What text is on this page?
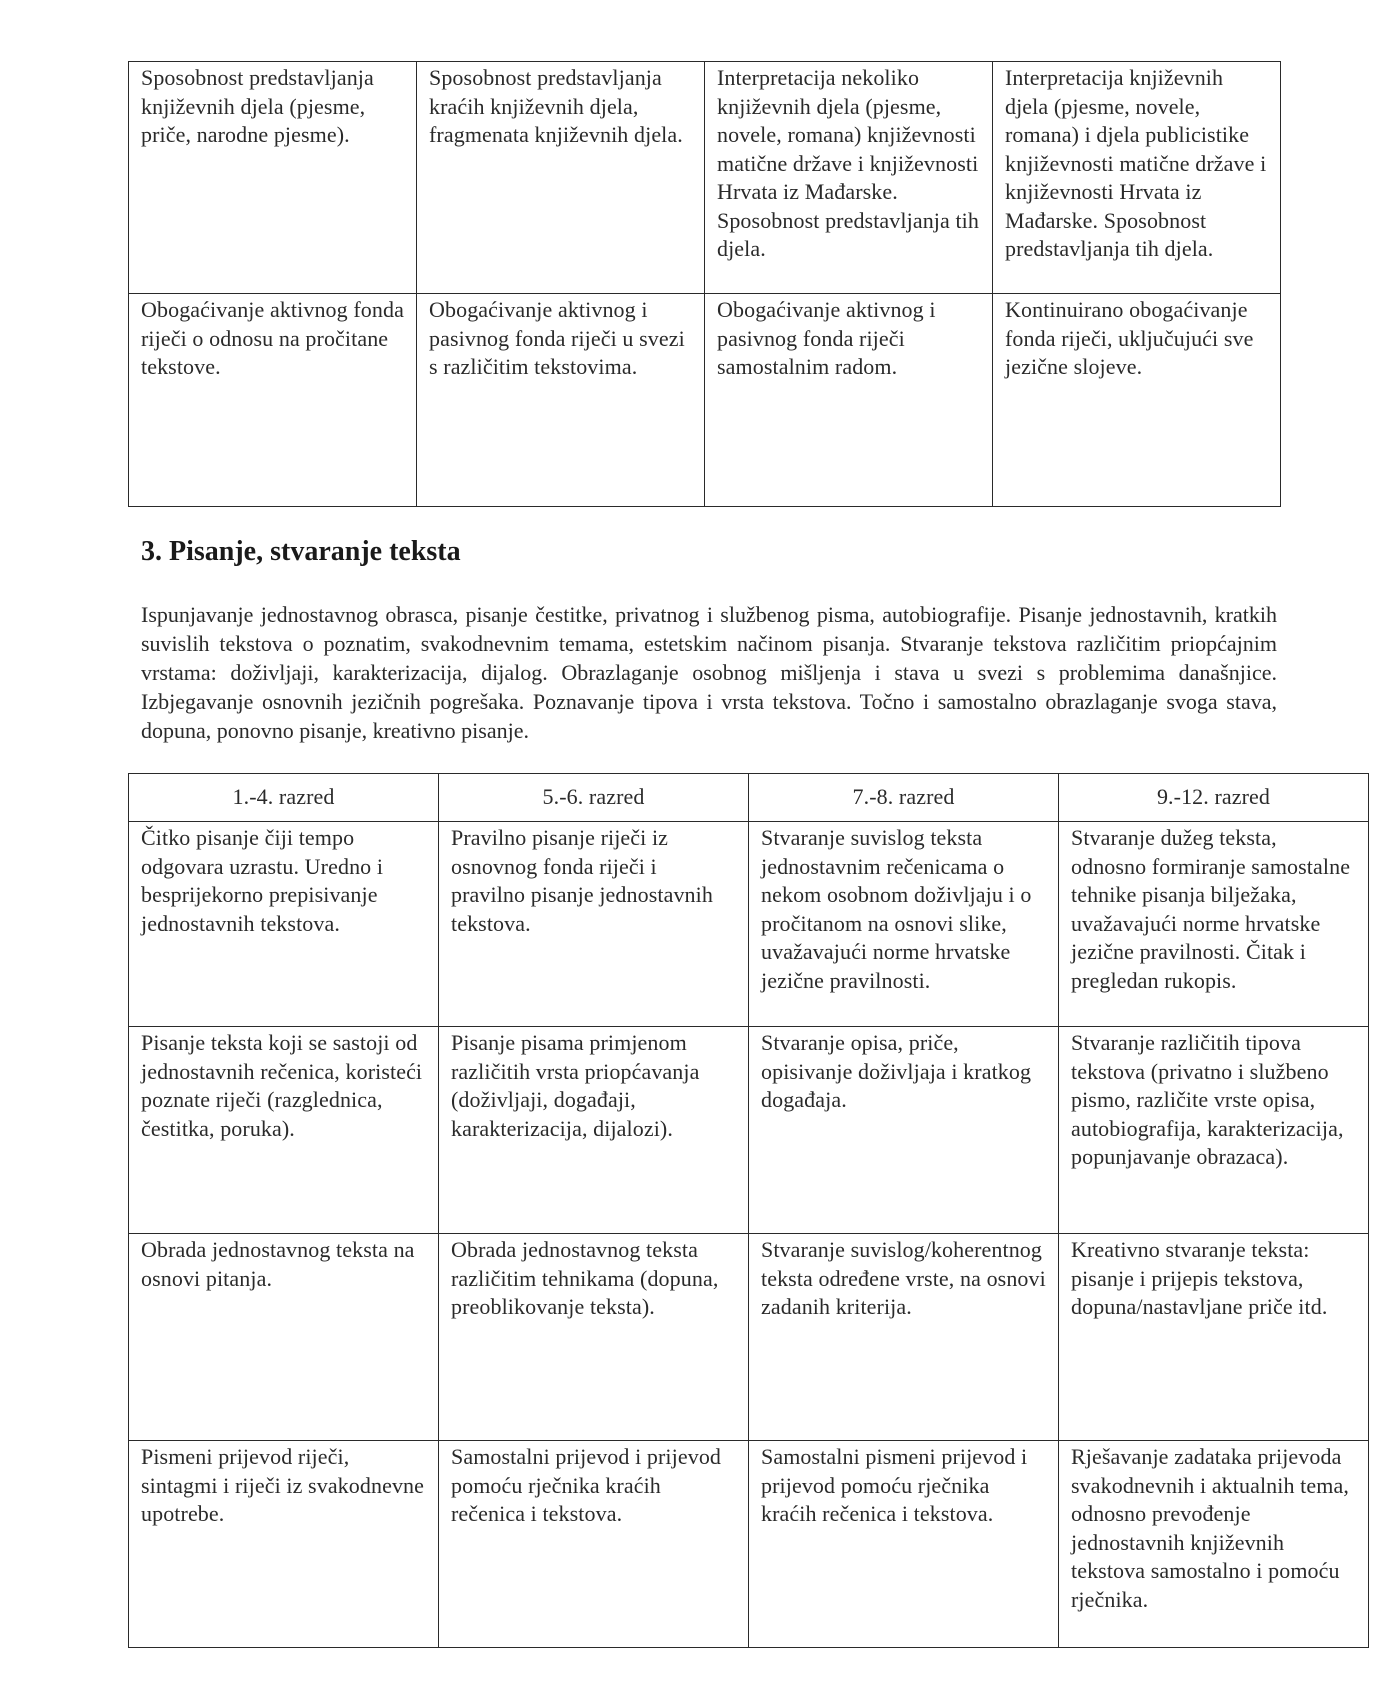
Sposobnost predstavljanja književnih djela (pjesme, priče, narodne pjesme).	Sposobnost predstavljanja kraćih književnih djela, fragmenata književnih djela.	Interpretacija nekoliko književnih djela (pjesme, novele, romana) književnosti matične države i književnosti Hrvata iz Mađarske. Sposobnost predstavljanja tih djela.	Interpretacija književnih djela (pjesme, novele, romana) i djela publicistike književnosti matične države i književnosti Hrvata iz Mađarske. Sposobnost predstavljanja tih djela.
Obogaćivanje aktivnog fonda riječi o odnosu na pročitane tekstove.	Obogaćivanje aktivnog i pasivnog fonda riječi u svezi s različitim tekstovima.	Obogaćivanje aktivnog i pasivnog fonda riječi samostalnim radom.	Kontinuirano obogaćivanje fonda riječi, uključujući sve jezične slojeve.
3. Pisanje, stvaranje teksta

Ispunjavanje jednostavnog obrasca, pisanje čestitke, privatnog i službenog pisma, autobiografije. Pisanje jednostavnih, kratkih suvislih tekstova o poznatim, svakodnevnim temama, estetskim načinom pisanja. Stvaranje tekstova različitim priopćajnim vrstama: doživljaji, karakterizacija, dijalog. Obrazlaganje osobnog mišljenja i stava u svezi s problemima današnjice. Izbjegavanje osnovnih jezičnih pogrešaka. Poznavanje tipova i vrsta tekstova. Točno i samostalno obrazlaganje svoga stava, dopuna, ponovno pisanje, kreativno pisanje.

1.-4. razred	5.-6. razred	7.-8. razred	9.-12. razred
Čitko pisanje čiji tempo odgovara uzrastu. Uredno i besprijekorno prepisivanje jednostavnih tekstova.	Pravilno pisanje riječi iz osnovnog fonda riječi i pravilno pisanje jednostavnih tekstova.	Stvaranje suvislog teksta jednostavnim rečenicama o nekom osobnom doživljaju i o pročitanom na osnovi slike, uvažavajući norme hrvatske jezične pravilnosti.	Stvaranje dužeg teksta, odnosno formiranje samostalne tehnike pisanja bilježaka, uvažavajući norme hrvatske jezične pravilnosti. Čitak i pregledan rukopis.
Pisanje teksta koji se sastoji od jednostavnih rečenica, koristeći poznate riječi (razglednica, čestitka, poruka).	Pisanje pisama primjenom različitih vrsta priopćavanja (doživljaji, događaji, karakterizacija, dijalozi).	Stvaranje opisa, priče, opisivanje doživljaja i kratkog događaja.	Stvaranje različitih tipova tekstova (privatno i službeno pismo, različite vrste opisa, autobiografija, karakterizacija, popunjavanje obrazaca).
Obrada jednostavnog teksta na osnovi pitanja.	Obrada jednostavnog teksta različitim tehnikama (dopuna, preoblikovanje teksta).	Stvaranje suvislog/koherentnog teksta određene vrste, na osnovi zadanih kriterija.	Kreativno stvaranje teksta: pisanje i prijepis tekstova, dopuna/nastavljane priče itd.
Pismeni prijevod riječi, sintagmi i riječi iz svakodnevne upotrebe.	Samostalni prijevod i prijevod pomoću rječnika kraćih rečenica i tekstova.	Samostalni pismeni prijevod i prijevod pomoću rječnika kraćih rečenica i tekstova.	Rješavanje zadataka prijevoda svakodnevnih i aktualnih tema, odnosno prevođenje jednostavnih književnih tekstova samostalno i pomoću rječnika.
